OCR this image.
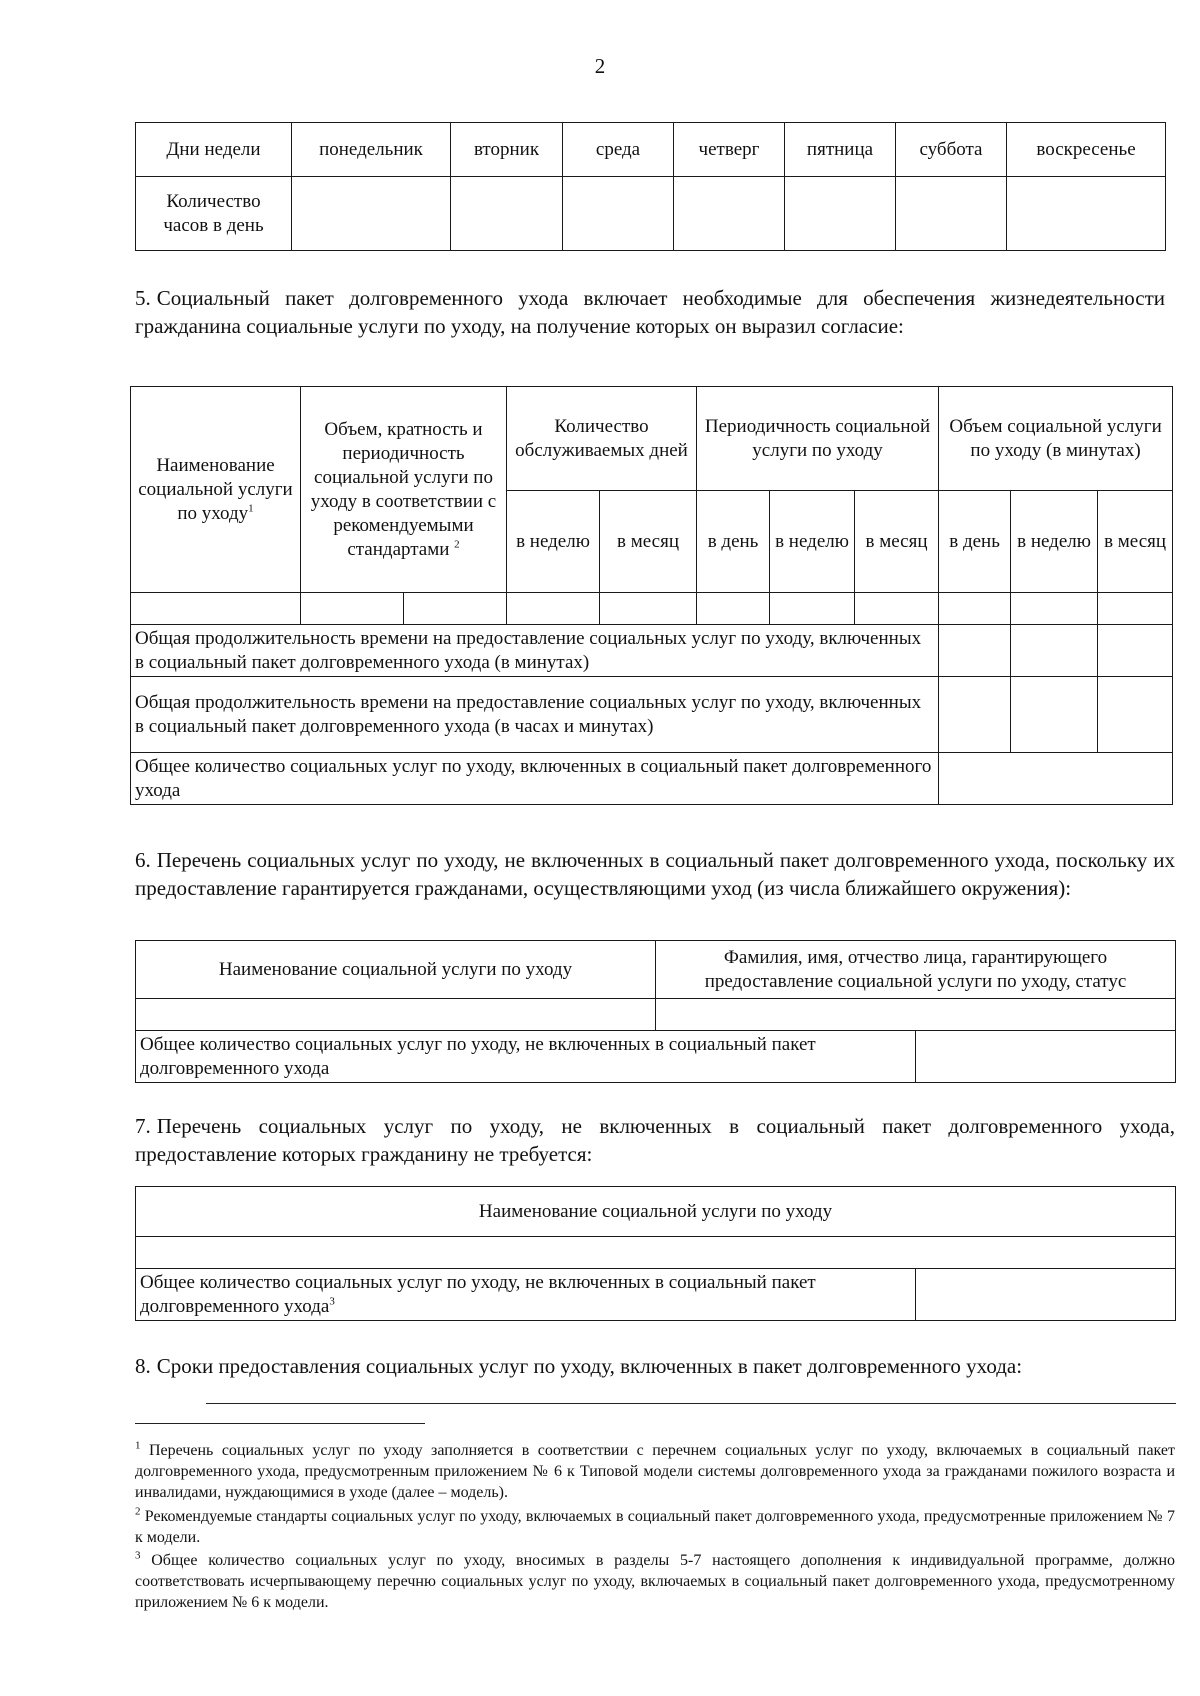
2
Дни недели	понедельник	вторник	среда	четверг	пятница	суббота	воскресенье
Количество
часов в день							
5. Социальный пакет долговременного ухода включает необходимые для обеспечения жизнедеятельности гражданина социальные услуги по уходу, на получение которых он выразил согласие:
Наименование социальной услуги по уходу$^1$	Объем, кратность и периодичность социальной услуги по уходу в соответствии с рекомендуемыми стандартами $^2$		Количество обслуживаемых дней		Периодичность социальной услуги по уходу			Объем социальной услуги по уходу (в минутах)		
			в неделю	в месяц	в день	в неделю	в месяц	в день	в неделю	в месяц

Общая продолжительность времени на предоставление социальных услуг по уходу, включенных в социальный пакет долговременного ухода (в минутах)										
Общая продолжительность времени на предоставление социальных услуг по уходу, включенных в социальный пакет долговременного ухода (в часах и минутах)										
Общее количество социальных услуг по уходу, включенных в социальный пакет долговременного ухода										
6. Перечень социальных услуг по уходу, не включенных в социальный пакет долговременного ухода, поскольку их предоставление гарантируется гражданами, осуществляющими уход (из числа ближайшего окружения):
Наименование социальной услуги по уходу	Фамилия, имя, отчество лица, гарантирующего предоставление социальной услуги по уходу, статус	

Общее количество социальных услуг по уходу, не включенных в социальный пакет долговременного ухода		
7. Перечень социальных услуг по уходу, не включенных в социальный пакет долговременного ухода, предоставление которых гражданину не требуется:
Наименование социальной услуги по уходу

Общее количество социальных услуг по уходу, не включенных в социальный пакет долговременного ухода$^3$	
8. Сроки предоставления социальных услуг по уходу, включенных в пакет долговременного ухода:
$^1$ Перечень социальных услуг по уходу заполняется в соответствии с перечнем социальных услуг по уходу, включаемых в социальный пакет долговременного ухода, предусмотренным приложением № 6 к Типовой модели системы долговременного ухода за гражданами пожилого возраста и инвалидами, нуждающимися в уходе (далее – модель).
$^2$ Рекомендуемые стандарты социальных услуг по уходу, включаемых в социальный пакет долговременного ухода, предусмотренные приложением № 7 к модели.
$^3$ Общее количество социальных услуг по уходу, вносимых в разделы 5-7 настоящего дополнения к индивидуальной программе, должно соответствовать исчерпывающему перечню социальных услуг по уходу, включаемых в социальный пакет долговременного ухода, предусмотренному приложением № 6 к модели.
